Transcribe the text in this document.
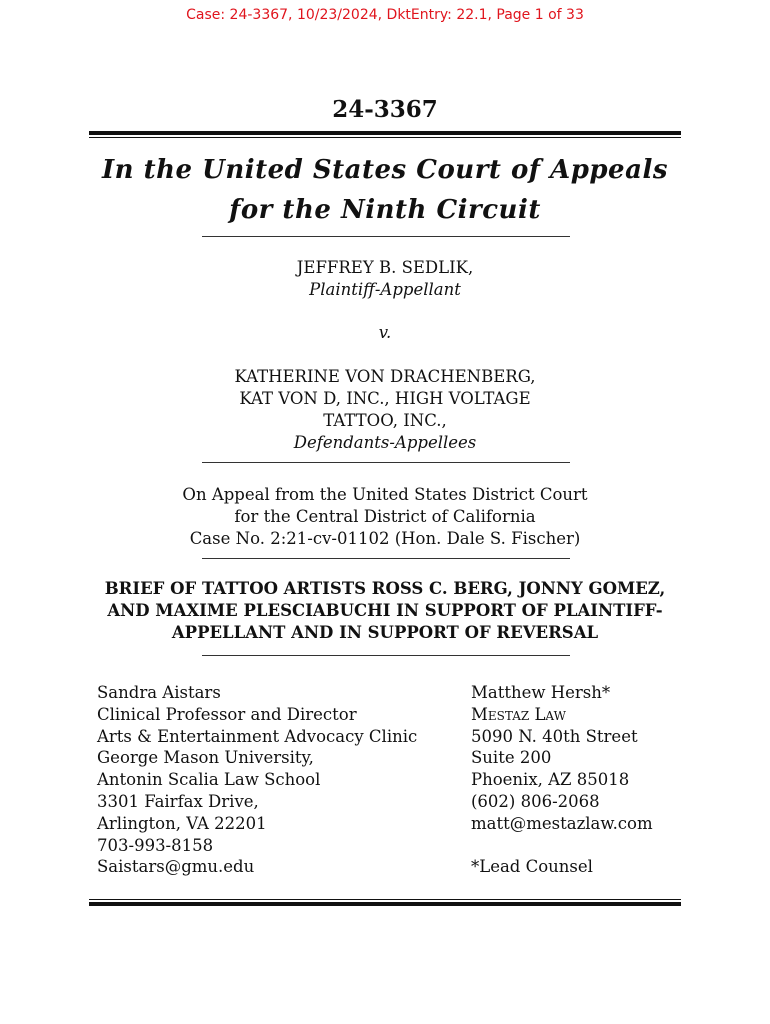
Case: 24-3367, 10/23/2024, DktEntry: 22.1, Page 1 of 33
24-3367
In the United States Court of Appeals
for the Ninth Circuit
JEFFREY B. SEDLIK,
Plaintiff-Appellant
v.
KATHERINE VON DRACHENBERG,
KAT VON D, INC., HIGH VOLTAGE
TATTOO, INC.,
Defendants-Appellees
On Appeal from the United States District Court
for the Central District of California
Case No. 2:21-cv-01102 (Hon. Dale S. Fischer)
BRIEF OF TATTOO ARTISTS ROSS C. BERG, JONNY GOMEZ,
AND MAXIME PLESCIABUCHI IN SUPPORT OF PLAINTIFF-
APPELLANT AND IN SUPPORT OF REVERSAL
Sandra Aistars
Clinical Professor and Director
Arts & Entertainment Advocacy Clinic
George Mason University,
Antonin Scalia Law School
3301 Fairfax Drive,
Arlington, VA 22201
703-993-8158
Saistars@gmu.edu
Matthew Hersh*
Mestaz Law
5090 N. 40th Street
Suite 200
Phoenix, AZ 85018
(602) 806-2068
matt@mestazlaw.com
*Lead Counsel
